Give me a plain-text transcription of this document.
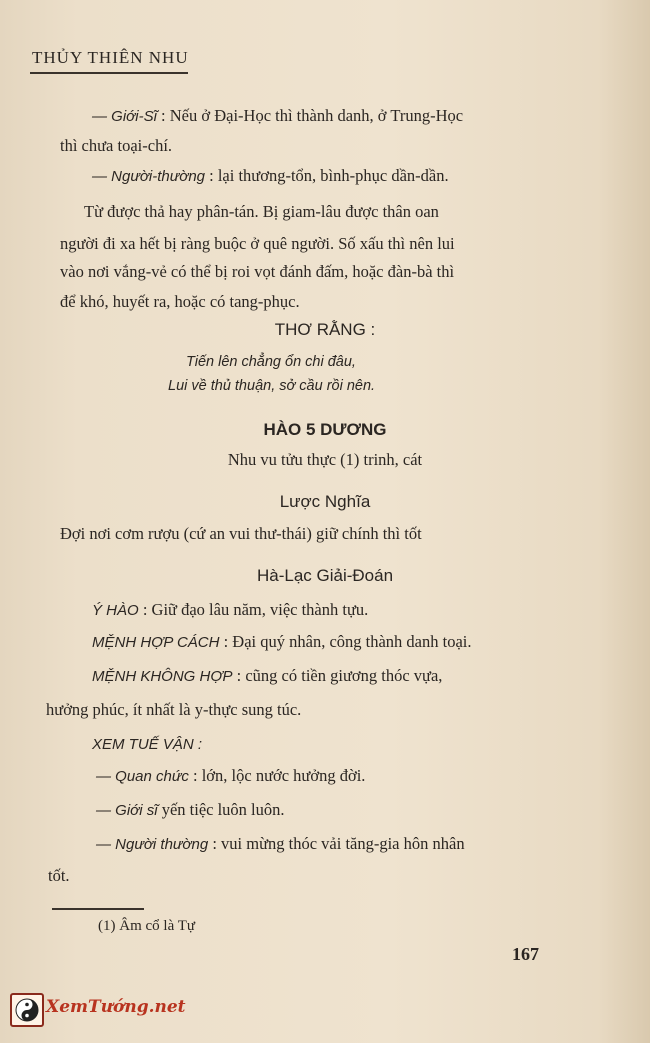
THỦY THIÊN NHU
— Giới-Sĩ : Nếu ở Đại-Học thì thành danh, ở Trung-Học
thì chưa toại-chí.
— Người-thường : lại thương-tổn, bình-phục dần-dần.
Từ được thả hay phân-tán. Bị giam-lâu được thân oan
người đi xa hết bị ràng buộc ở quê người. Số xấu thì nên lui
vào nơi vắng-vẻ có thể bị roi vọt đánh đấm, hoặc đàn-bà thì
để khó, huyết ra, hoặc có tang-phục.
THƠ RẰNG :
Tiến lên chẳng ổn chi đâu,
Lui về thủ thuận, sở cầu rồi nên.
HÀO 5 DƯƠNG
Nhu vu tửu thực (1) trinh, cát
Lược Nghĩa
Đợi nơi cơm rượu (cứ an vui thư-thái) giữ chính thì tốt
Hà-Lạc Giải-Đoán
Ý HÀO : Giữ đạo lâu năm, việc thành tựu.
MỆNH HỢP CÁCH : Đại quý nhân, công thành danh toại.
MỆNH KHÔNG HỢP : cũng có tiền giương thóc vựa,
hưởng phúc, ít nhất là y-thực sung túc.
XEM TUẾ VẬN :
— Quan chức : lớn, lộc nước hưởng đời.
— Giới sĩ yến tiệc luôn luôn.
— Người thường : vui mừng thóc vải tăng-gia hôn nhân
tốt.
(1) Âm cổ là Tự
167
XemTướng.net
